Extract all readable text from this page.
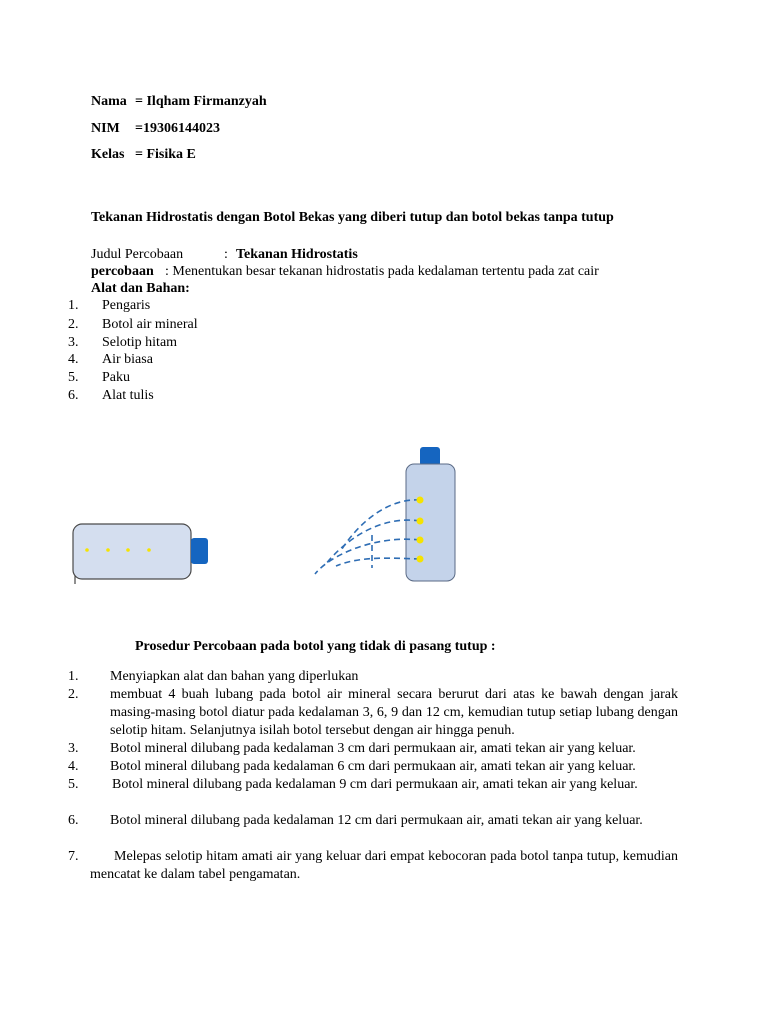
Nama = Ilqham Firmanzyah
NIM =19306144023
Kelas = Fisika E
Tekanan Hidrostatis dengan Botol Bekas yang diberi tutup dan botol bekas tanpa tutup
Judul Percobaan	: Tekanan Hidrostatis
percobaan : Menentukan besar tekanan hidrostatis pada kedalaman tertentu pada zat cair
Alat dan Bahan:
1. Pengaris
2. Botol air mineral
3. Selotip hitam
4. Air biasa
5. Paku
6. Alat tulis
Prosedur Percobaan pada botol yang tidak di pasang tutup :
1. Menyiapkan alat dan bahan yang diperlukan
2. membuat 4 buah lubang pada botol air mineral secara berurut dari atas ke bawah dengan jarak masing-masing botol diatur pada kedalaman 3, 6, 9 dan 12 cm, kemudian tutup setiap lubang dengan selotip hitam. Selanjutnya isilah botol tersebut dengan air hingga penuh.
3. Botol mineral dilubang pada kedalaman 3 cm dari permukaan air, amati tekan air yang keluar.
4. Botol mineral dilubang pada kedalaman 6 cm dari permukaan air, amati tekan air yang keluar.
5.	Botol mineral dilubang pada kedalaman 9 cm dari permukaan air, amati tekan air yang keluar.
6.	Botol mineral dilubang pada kedalaman 12 cm dari permukaan air, amati tekan air yang keluar.
7.	Melepas selotip hitam amati air yang keluar dari empat kebocoran pada botol tanpa tutup, kemudian mencatat ke dalam tabel pengamatan.
